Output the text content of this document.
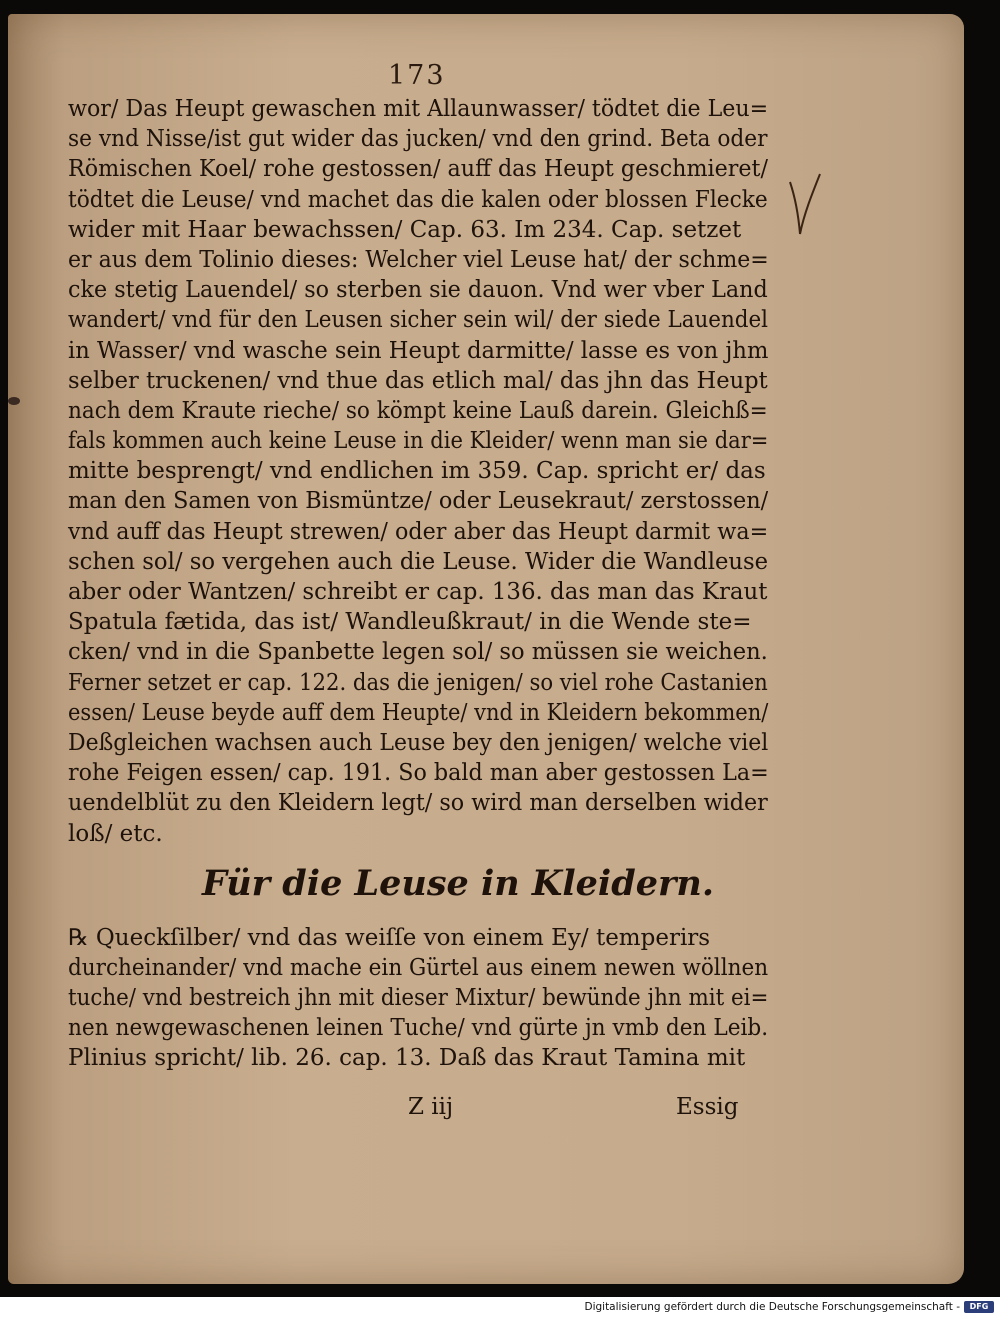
173
wor/ Das Heupt gewaschen mit Allaunwasser/ tödtet die Leu=
se vnd Nisse/ist gut wider das jucken/ vnd den grind. Beta oder
Römischen Koel/ rohe gestossen/ auff das Heupt geschmieret/
tödtet die Leuse/ vnd machet das die kalen oder blossen Flecke
wider mit Haar bewachssen/ Cap. 63. Im 234. Cap. setzet
er aus dem Tolinio dieses: Welcher viel Leuse hat/ der schme=
cke stetig Lauendel/ so sterben sie dauon. Vnd wer vber Land
wandert/ vnd für den Leusen sicher sein wil/ der siede Lauendel
in Wasser/ vnd wasche sein Heupt darmitte/ lasse es von jhm
selber truckenen/ vnd thue das etlich mal/ das jhn das Heupt
nach dem Kraute rieche/ so kömpt keine Lauß darein. Gleichß=
fals kommen auch keine Leuse in die Kleider/ wenn man sie dar=
mitte besprengt/ vnd endlichen im 359. Cap. spricht er/ das
man den Samen von Bismüntze/ oder Leusekraut/ zerstossen/
vnd auff das Heupt strewen/ oder aber das Heupt darmit wa=
schen sol/ so vergehen auch die Leuse. Wider die Wandleuse
aber oder Wantzen/ schreibt er cap. 136. das man das Kraut
Spatula fætida, das ist/ Wandleußkraut/ in die Wende ste=
cken/ vnd in die Spanbette legen sol/ so müssen sie weichen.
Ferner setzet er cap. 122. das die jenigen/ so viel rohe Castanien
essen/ Leuse beyde auff dem Heupte/ vnd in Kleidern bekommen/
Deßgleichen wachsen auch Leuse bey den jenigen/ welche viel
rohe Feigen essen/ cap. 191. So bald man aber gestossen La=
uendelblüt zu den Kleidern legt/ so wird man derselben wider
loß/ etc.
Für die Leuse in Kleidern.
℞ Queckſilber/ vnd das weiſſe von einem Ey/ temperirs
durcheinander/ vnd mache ein Gürtel aus einem newen wöllnen
tuche/ vnd bestreich jhn mit dieser Mixtur/ bewünde jhn mit ei=
nen newgewaschenen leinen Tuche/ vnd gürte jn vmb den Leib.
Plinius spricht/ lib. 26. cap. 13. Daß das Kraut Tamina mit
Z iij	Essig
Digitalisierung gefördert durch die Deutsche Forschungsgemeinschaft -	DFG
